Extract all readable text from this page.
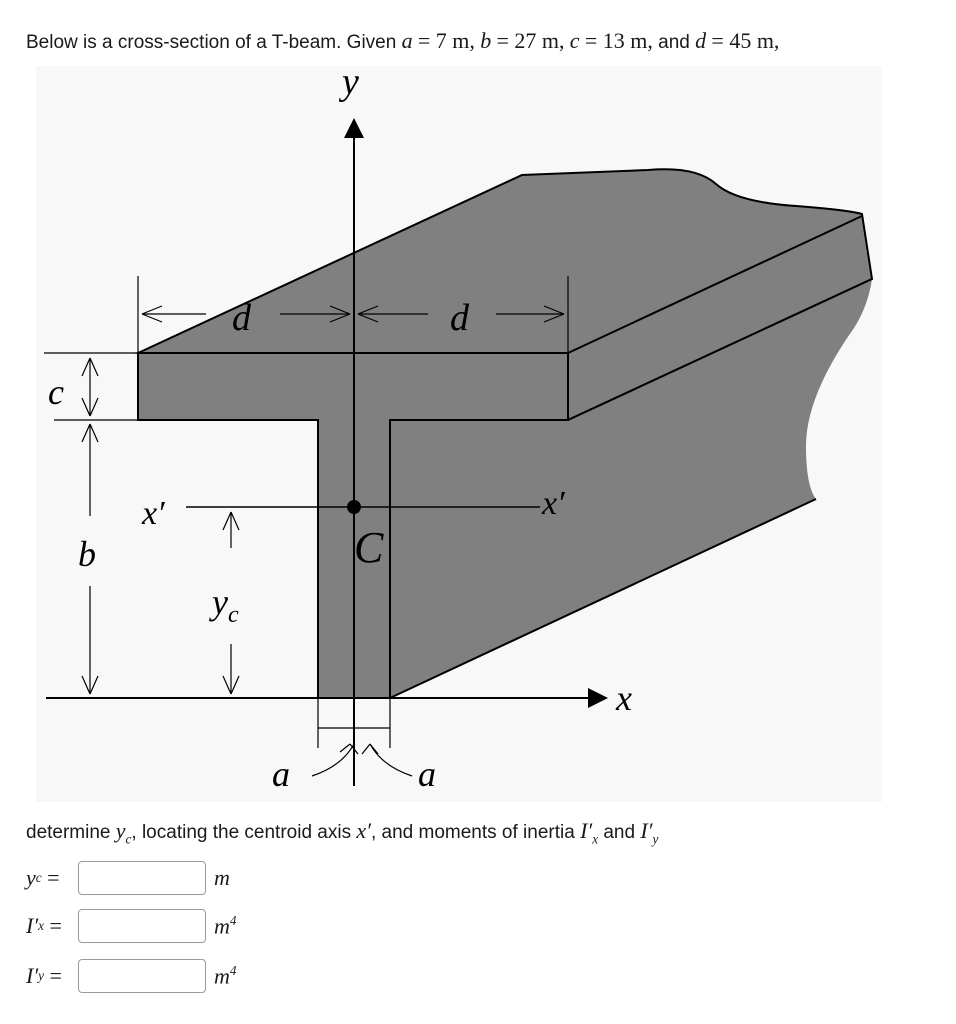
Below is a cross-section of a T-beam. Given a = 7 m, b = 27 m, c = 13 m, and d = 45 m,
y
x
x′	x′
C
d	d
c
b
$y_c$
a	a
determine $y_c$, locating the centroid axis x′, and moments of inertia $I'_x$ and $I'_y$
y c
=	m
I′ x
=	$m^4$
I′ y
=	$m^4$
